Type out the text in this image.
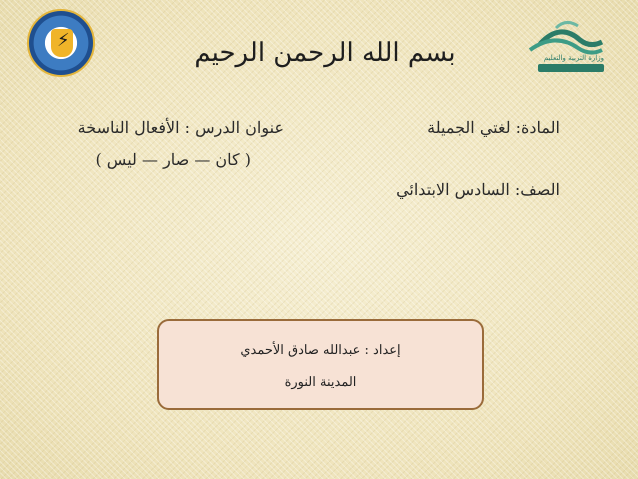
⚡
وزارة التربية والتعليم
بسم الله الرحمن الرحيم
المادة: لغتي الجميلة
عنوان الدرس : الأفعال الناسخة
( كان — صار — ليس )
الصف: السادس الابتدائي
إعداد : عبدالله صادق الأحمدي
المدينة النورة
